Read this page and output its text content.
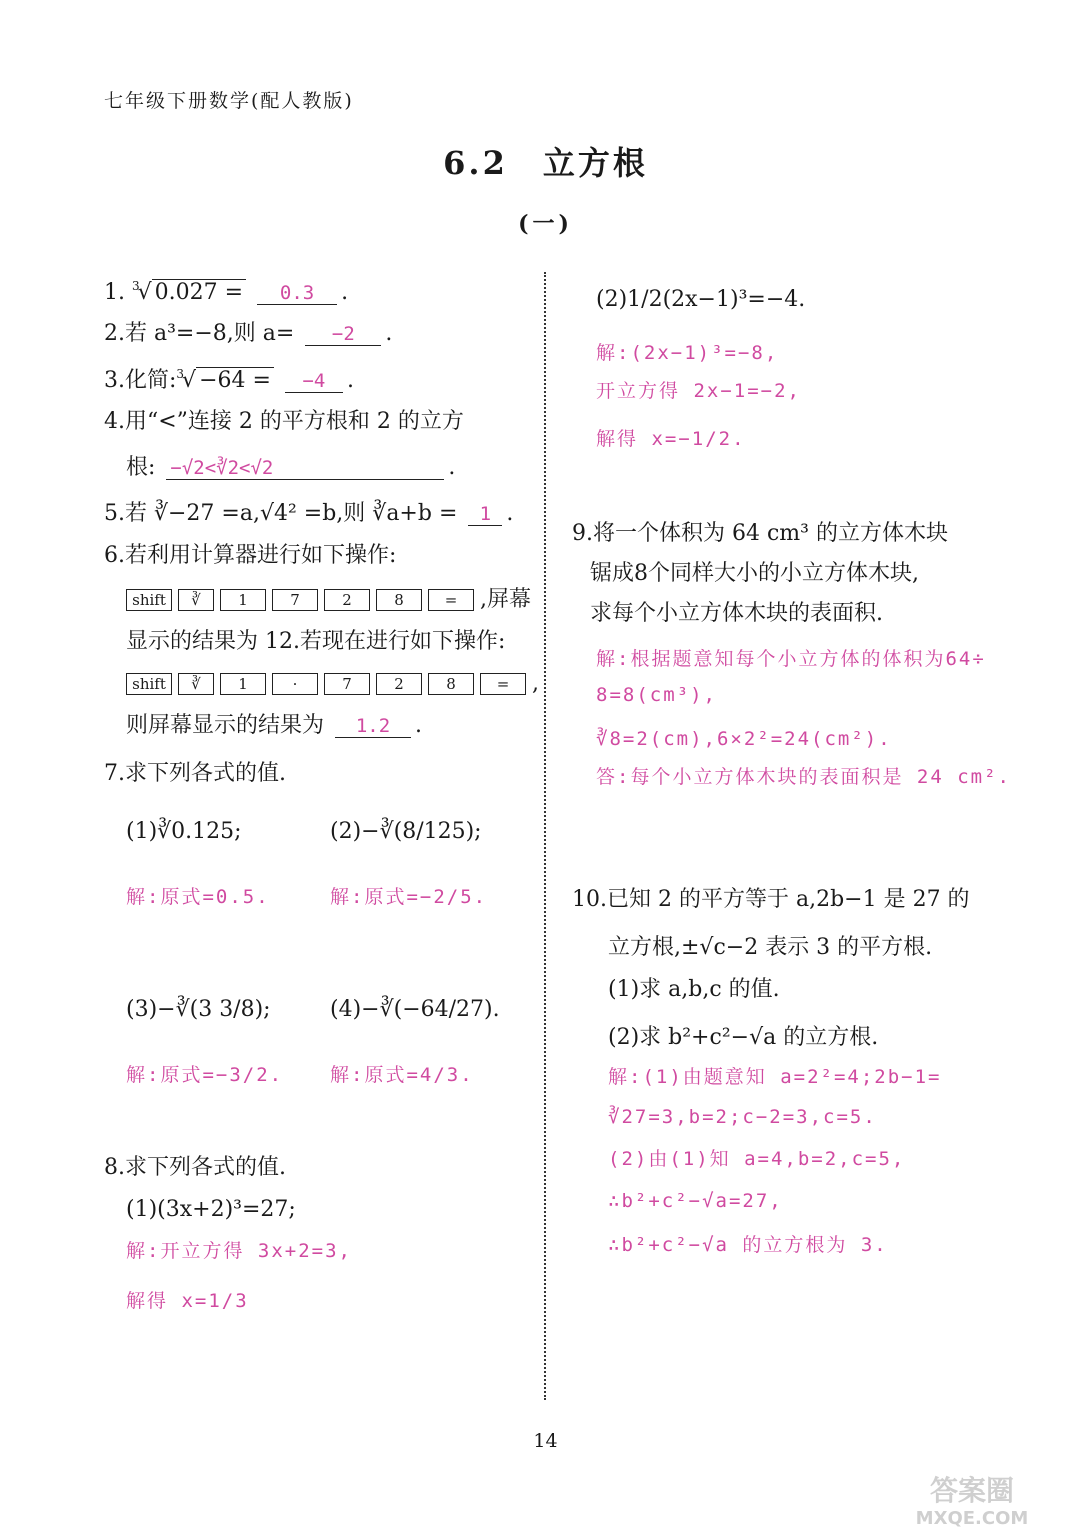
七年级下册数学(配人教版)
6.2　立方根
(一)
1. $^3$√ 0.027 = 0.3 .
2.若 a³=−8,则 a= −2 .
3.化简:$^3$√ −64 = −4 .
4.用“<”连接 2 的平方根和 2 的立方
根: −√2<∛2<√2	.
5.若 ∛−27 =a,√4² =b,则 ∛a+b = 1 .
6.若利用计算器进行如下操作:
shift	∛	1	7	2	8	=	,屏幕
显示的结果为 12.若现在进行如下操作:
shift	∛	1	·	7	2	8	=	,
则屏幕显示的结果为 1.2 .
7.求下列各式的值.
(1)∛0.125;	(2)−∛(8/125);
解:原式=0.5.	解:原式=−2/5.
(3)−∛(3 3/8);	(4)−∛(−64/27).
解:原式=−3/2. 解:原式=4/3.
8.求下列各式的值.
(1)(3x+2)³=27;
解:开立方得 3x+2=3,
解得 x=1/3
(2)1/2(2x−1)³=−4.
解:(2x−1)³=−8,
开立方得 2x−1=−2,
解得 x=−1/2.
9.将一个体积为 64 cm³ 的立方体木块
锯成8个同样大小的小立方体木块,
求每个小立方体木块的表面积.
解:根据题意知每个小立方体的体积为64÷
8=8(cm³),
∛8=2(cm),6×2²=24(cm²).
答:每个小立方体木块的表面积是 24 cm².
10.已知 2 的平方等于 a,2b−1 是 27 的
立方根,±√c−2 表示 3 的平方根.
(1)求 a,b,c 的值.
(2)求 b²+c²−√a 的立方根.
解:(1)由题意知 a=2²=4;2b−1=
∛27=3,b=2;c−2=3,c=5.
(2)由(1)知 a=4,b=2,c=5,
∴b²+c²−√a=27,
∴b²+c²−√a 的立方根为 3.
14
答案圈
MXQE.COM
